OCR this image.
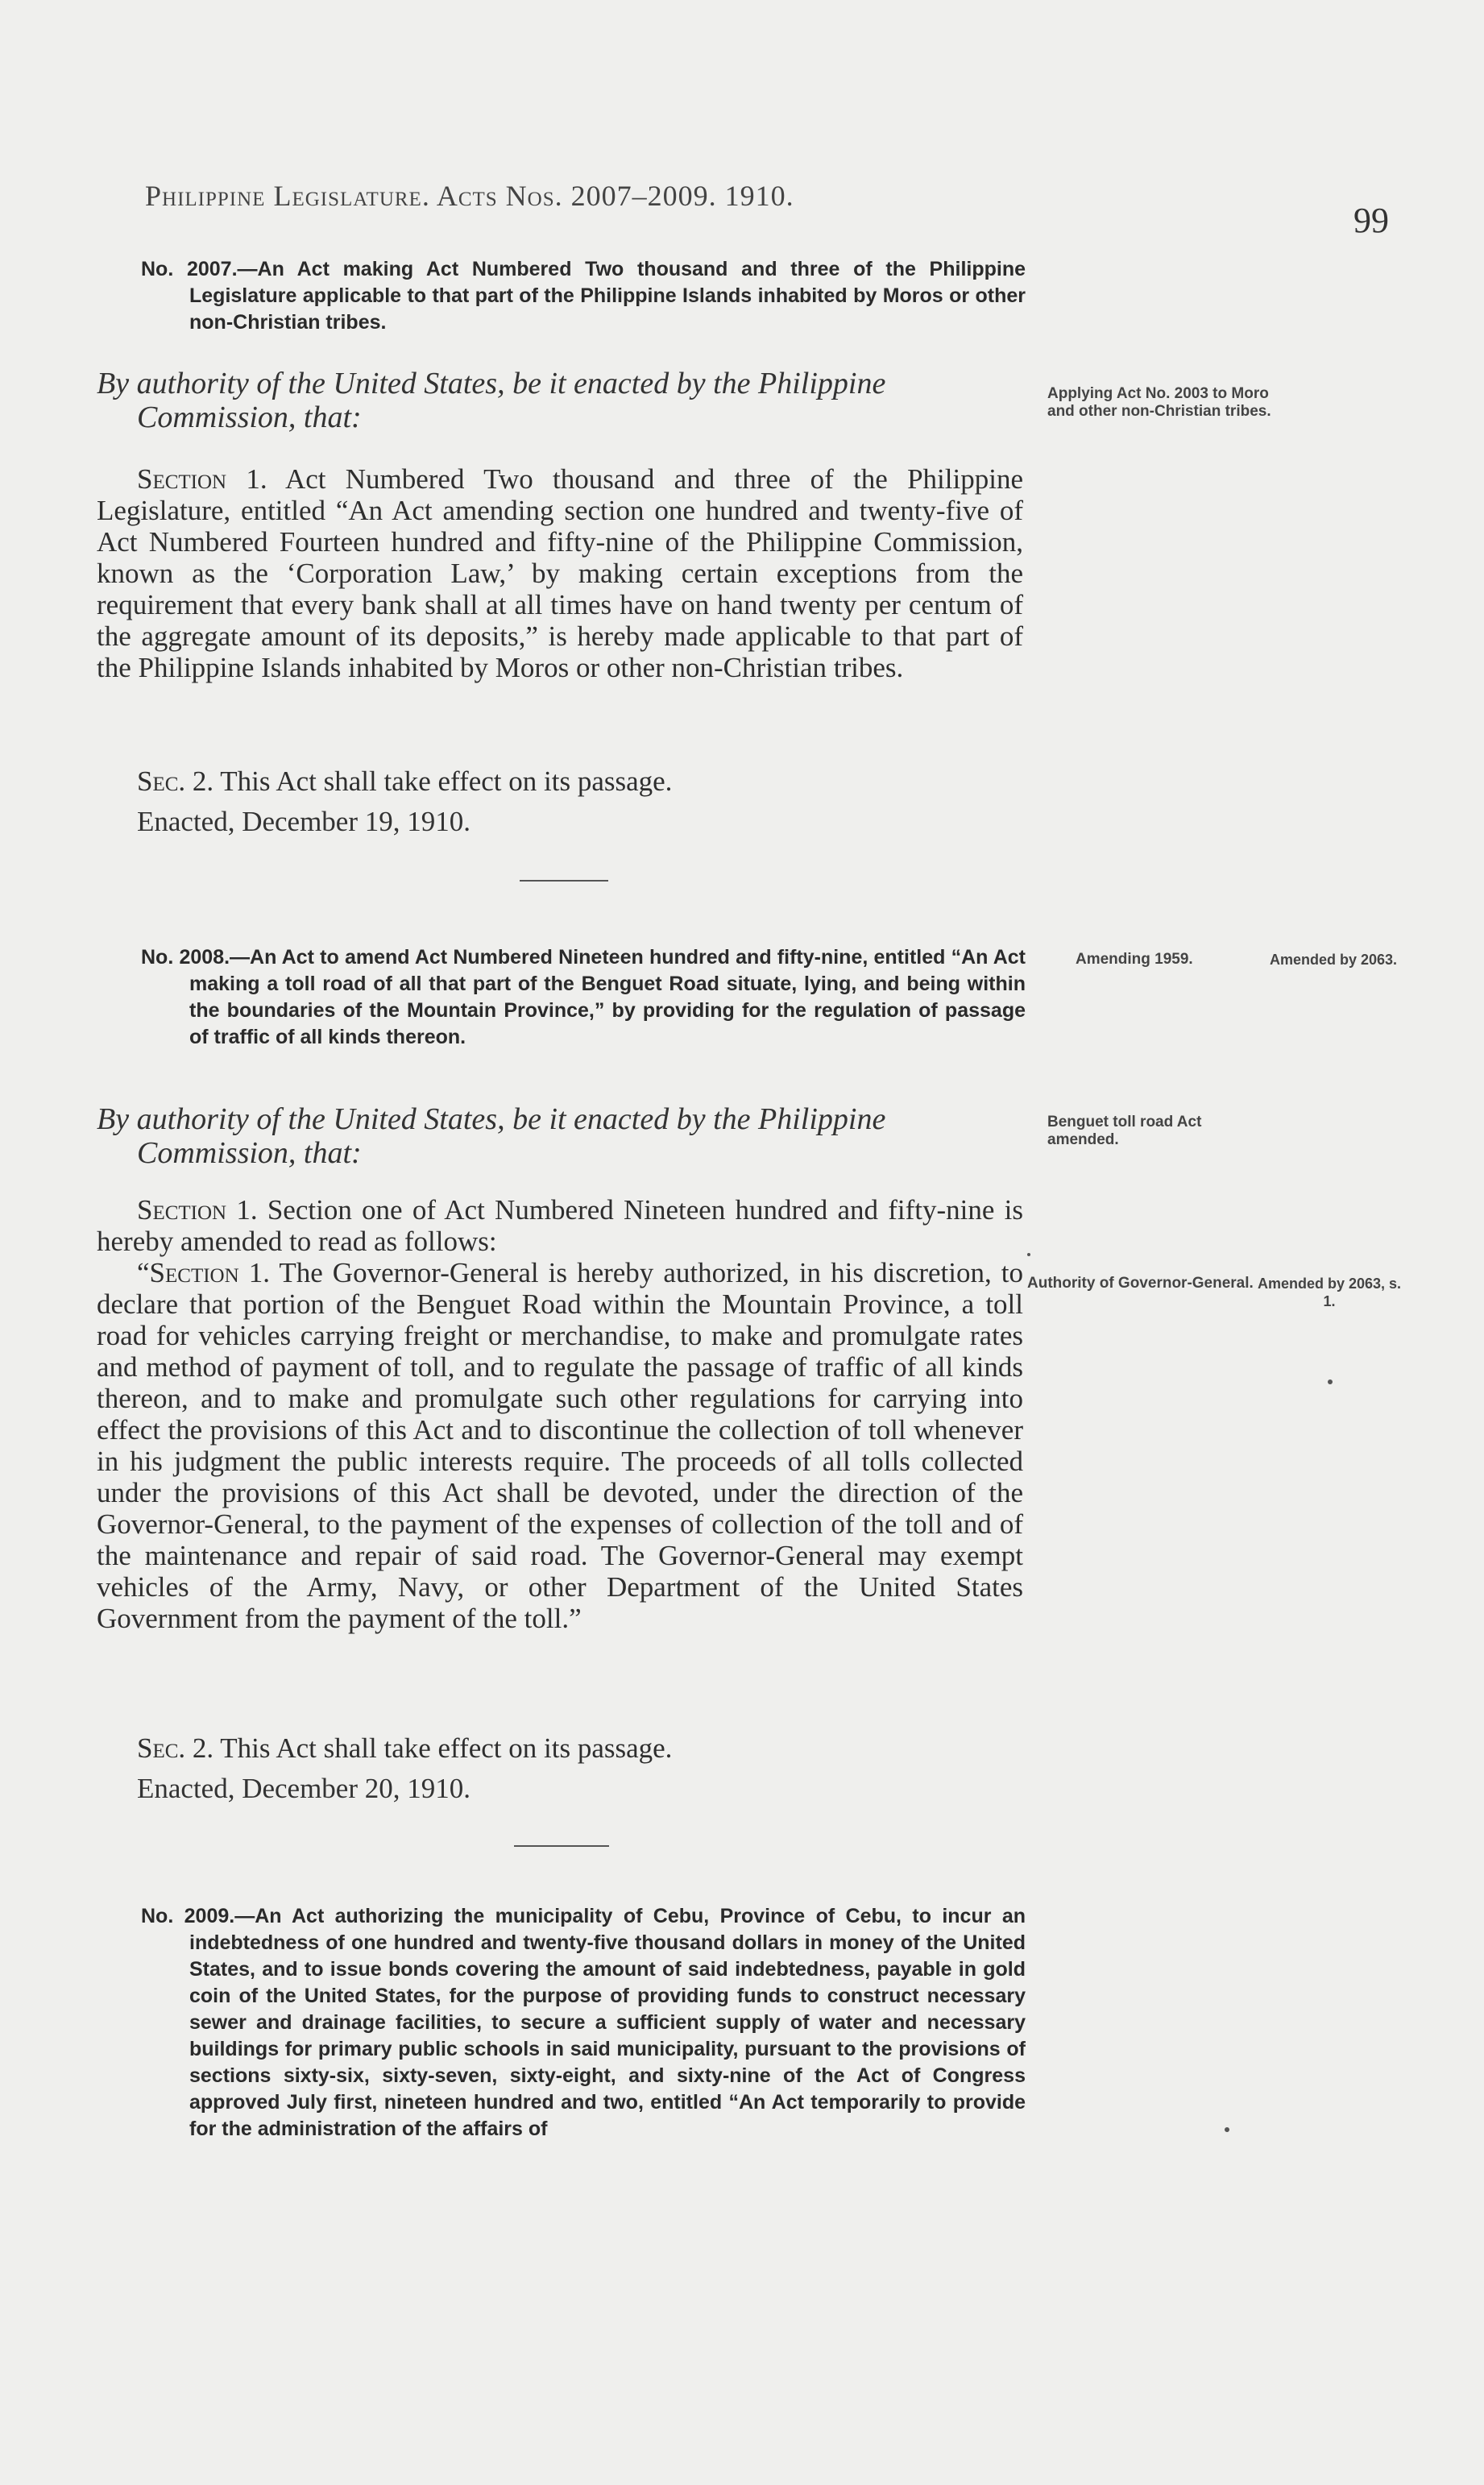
Philippine Legislature. Acts Nos. 2007–2009. 1910.
99

No. 2007.—An Act making Act Numbered Two thousand and three of the Philippine Legislature applicable to that part of the Philippine Islands inhabited by Moros or other non-Christian tribes.

By authority of the United States, be it enacted by the Philippine
Commission, that:
Applying Act No. 2003 to Moro and other non-Christian tribes.

Section 1. Act Numbered Two thousand and three of the Philippine Legislature, entitled “An Act amending section one hundred and twenty-five of Act Numbered Fourteen hundred and fifty-nine of the Philippine Commission, known as the ‘Corporation Law,’ by making certain exceptions from the requirement that every bank shall at all times have on hand twenty per centum of the aggregate amount of its deposits,” is hereby made applicable to that part of the Philippine Islands inhabited by Moros or other non-Christian tribes.

Sec. 2. This Act shall take effect on its passage.

Enacted, December 19, 1910.

No. 2008.—An Act to amend Act Numbered Nineteen hundred and fifty-nine, entitled “An Act making a toll road of all that part of the Benguet Road situate, lying, and being within the boundaries of the Mountain Province,” by providing for the regulation of passage of traffic of all kinds thereon.

Amending 1959.	Amended by 2063.
By authority of the United States, be it enacted by the Philippine
Commission, that:
Benguet toll road Act amended.

Section 1. Section one of Act Numbered Nineteen hundred and fifty-nine is hereby amended to read as follows:

“Section 1. The Governor-General is hereby authorized, in his discretion, to declare that portion of the Benguet Road within the Mountain Province, a toll road for vehicles carrying freight or merchandise, to make and promulgate rates and method of payment of toll, and to regulate the passage of traffic of all kinds thereon, and to make and promulgate such other regulations for carrying into effect the provisions of this Act and to discontinue the collection of toll whenever in his judgment the public interests require. The proceeds of all tolls collected under the provisions of this Act shall be devoted, under the direction of the Governor-General, to the payment of the expenses of collection of the toll and of the maintenance and repair of said road. The Governor-General may exempt vehicles of the Army, Navy, or other Department of the United States Government from the payment of the toll.”

Authority of Governor-General. Amended by 2063, s. 1.

Sec. 2. This Act shall take effect on its passage.

Enacted, December 20, 1910.

No. 2009.—An Act authorizing the municipality of Cebu, Province of Cebu, to incur an indebtedness of one hundred and twenty-five thousand dollars in money of the United States, and to issue bonds covering the amount of said indebtedness, payable in gold coin of the United States, for the purpose of providing funds to construct necessary sewer and drainage facilities, to secure a sufficient supply of water and necessary buildings for primary public schools in said municipality, pursuant to the provisions of sections sixty-six, sixty-seven, sixty-eight, and sixty-nine of the Act of Congress approved July first, nineteen hundred and two, entitled “An Act temporarily to provide for the administration of the affairs of
